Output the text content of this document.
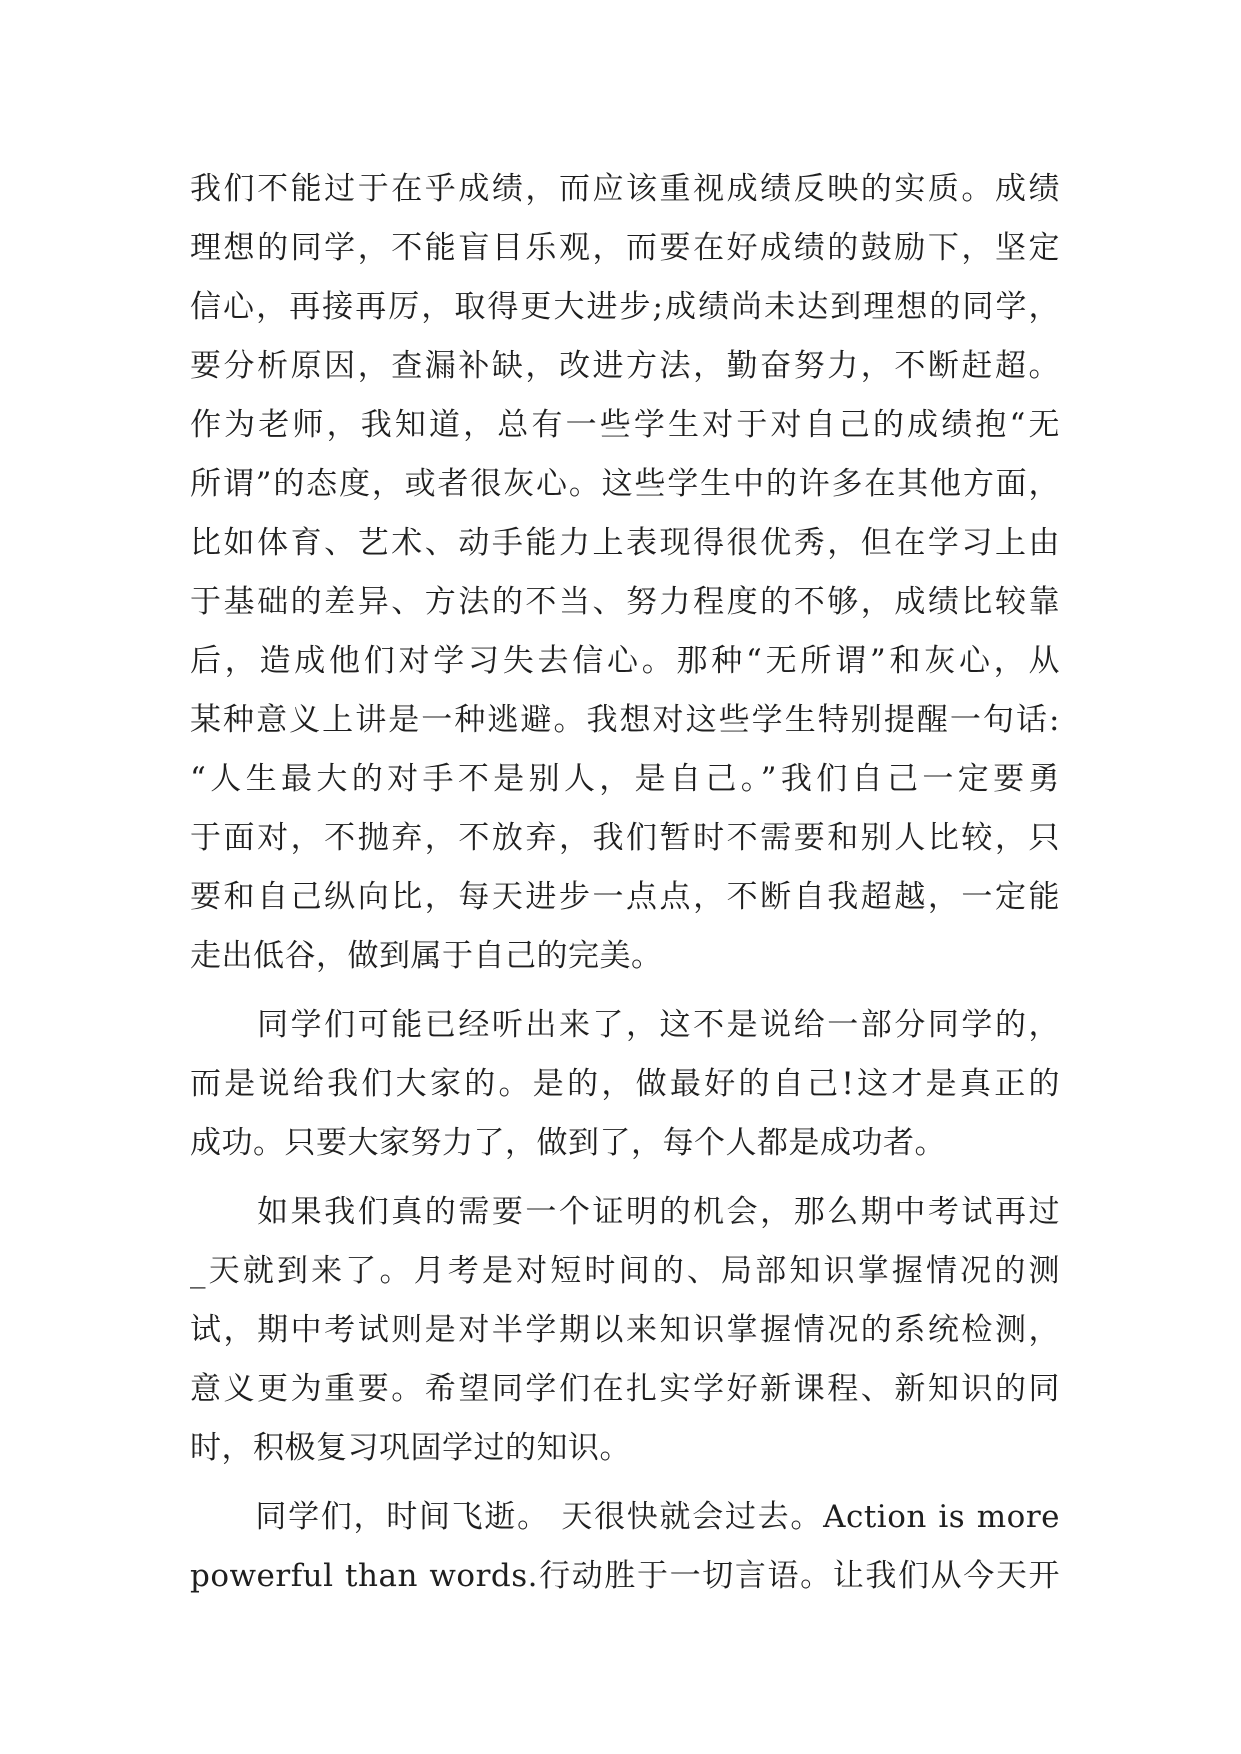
我们不能过于在乎成绩，而应该重视成绩反映的实质。成绩
理想的同学，不能盲目乐观，而要在好成绩的鼓励下，坚定
信心，再接再厉，取得更大进步;成绩尚未达到理想的同学，
要分析原因，查漏补缺，改进方法，勤奋努力，不断赶超。
作为老师，我知道，总有一些学生对于对自己的成绩抱“无
所谓”的态度，或者很灰心。这些学生中的许多在其他方面，
比如体育、艺术、动手能力上表现得很优秀，但在学习上由
于基础的差异、方法的不当、努力程度的不够，成绩比较靠
后，造成他们对学习失去信心。那种“无所谓”和灰心，从
某种意义上讲是一种逃避。我想对这些学生特别提醒一句话:
“人生最大的对手不是别人，是自己。”我们自己一定要勇
于面对，不抛弃，不放弃，我们暂时不需要和别人比较，只
要和自己纵向比，每天进步一点点，不断自我超越，一定能
走出低谷，做到属于自己的完美。
　　同学们可能已经听出来了，这不是说给一部分同学的，
而是说给我们大家的。是的，做最好的自己!这才是真正的
成功。只要大家努力了，做到了，每个人都是成功者。
　　如果我们真的需要一个证明的机会，那么期中考试再过
_天就到来了。月考是对短时间的、局部知识掌握情况的测
试，期中考试则是对半学期以来知识掌握情况的系统检测，
意义更为重要。希望同学们在扎实学好新课程、新知识的同
时，积极复习巩固学过的知识。
　　同学们，时间飞逝。 天很快就会过去。Action is more
powerful than words.行动胜于一切言语。让我们从今天开
